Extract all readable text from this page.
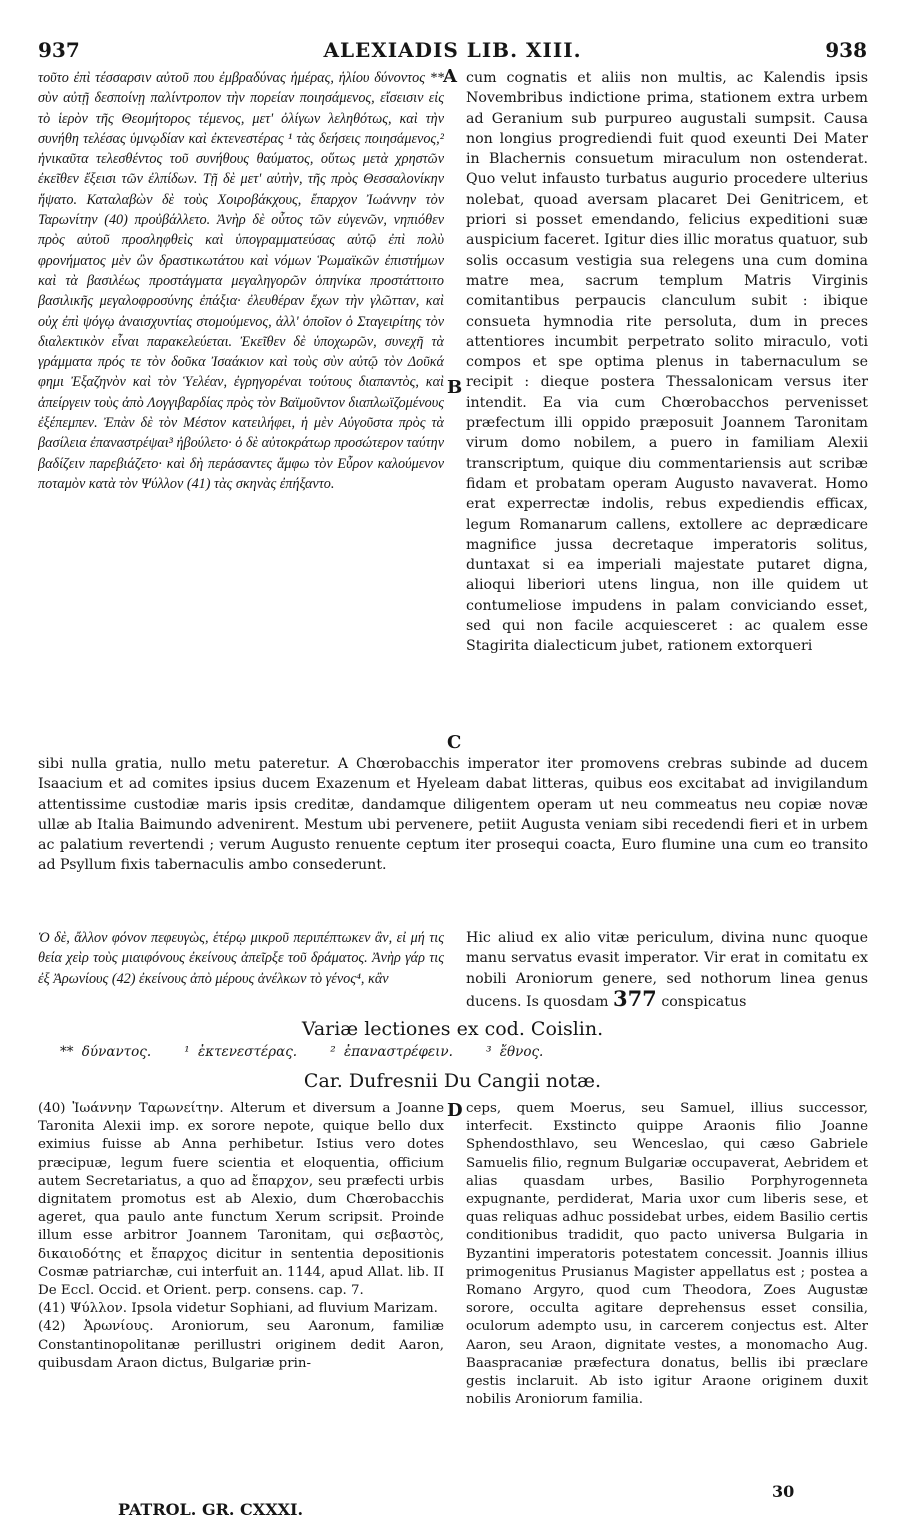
937	ALEXIADIS LIB. XIII.	938

τοῦτο ἐπὶ τέσσαρσιν αὐτοῦ που ἐμβραδύνας ἡμέρας, ἡλίου δύνοντος ** σὺν αὐτῇ δεσποίνῃ παλίντροπον τὴν πορείαν ποιησάμενος, εἴσεισιν εἰς τὸ ἱερὸν τῆς Θεομήτορος τέμενος, μετ' ὀλίγων λεληθότως, καὶ τὴν συνήθη τελέσας ὑμνῳδίαν καὶ ἐκτενεστέρας ¹ τὰς δεήσεις ποιησάμενος,² ἡνικαῦτα τελεσθέντος τοῦ συνήθους θαύματος, οὕτως μετὰ χρηστῶν ἐκεῖθεν ἔξεισι τῶν ἐλπίδων. Τῇ δὲ μετ' αὐτὴν, τῆς πρὸς Θεσσαλονίκην ἥψατο. Καταλαβὼν δὲ τοὺς Χοιροβάκχους, ἔπαρχον Ἰωάννην τὸν Ταρωνίτην (40) προὐβάλλετο. Ἀνὴρ δὲ οὗτος τῶν εὐγενῶν, νηπιόθεν πρὸς αὐτοῦ προσληφθεὶς καὶ ὑπογραμματεύσας αὐτῷ ἐπὶ πολὺ φρονήματος μὲν ὢν δραστικωτάτου καὶ νόμων Ῥωμαϊκῶν ἐπιστήμων καὶ τὰ βασιλέως προστάγματα μεγαληγορῶν ὁπηνίκα προστάττοιτο βασιλικῆς μεγαλοφροσύνης ἐπάξια· ἐλευθέραν ἔχων τὴν γλῶτταν, καὶ οὐχ ἐπὶ ψόγῳ ἀναισχυντίας στομούμενος, ἀλλ' ὁποῖον ὁ Σταγειρίτης τὸν διαλεκτικὸν εἶναι παρακελεύεται. Ἐκεῖθεν δὲ ὑποχωρῶν, συνεχῆ τὰ γράμματα πρός τε τὸν δοῦκα Ἰσαάκιον καὶ τοὺς σὺν αὐτῷ τὸν Δοῦκά φημι Ἐξαζηνὸν καὶ τὸν Ὑελέαν, ἐγρηγορέναι τούτους διαπαντὸς, καὶ ἀπείργειν τοὺς ἀπὸ Λογγιβαρδίας πρὸς τὸν Βαϊμοῦντον διαπλωϊζομένους ἐξέπεμπεν. Ἐπὰν δὲ τὸν Μέστον κατειλήφει, ἡ μὲν Αὐγοῦστα πρὸς τὰ βασίλεια ἐπαναστρέψαι³ ἠβούλετο· ὁ δὲ αὐτοκράτωρ προσώτερον ταύτην βαδίζειν παρεβιάζετο· καὶ δὴ περάσαντες ἅμφω τὸν Εὖρον καλούμενον ποταμὸν κατὰ τὸν Ψύλλον (41) τὰς σκηνὰς ἐπήξαντο.

A
B
C

cum cognatis et aliis non multis, ac Kalendis ipsis Novembribus indictione prima, stationem extra urbem ad Geranium sub purpureo augustali sumpsit. Causa non longius progrediendi fuit quod exeunti Dei Mater in Blachernis consuetum miraculum non ostenderat. Quo velut infausto turbatus augurio procedere ulterius nolebat, quoad aversam placaret Dei Genitricem, et priori si posset emendando, felicius expeditioni suæ auspicium faceret. Igitur dies illic moratus quatuor, sub solis occasum vestigia sua relegens una cum domina matre mea, sacrum templum Matris Virginis comitantibus perpaucis clanculum subit : ibique consueta hymnodia rite persoluta, dum in preces attentiores incumbit perpetrato solito miraculo, voti compos et spe optima plenus in tabernaculum se recipit : dieque postera Thessalonicam versus iter intendit. Ea via cum Chœrobacchos pervenisset præfectum illi oppido præposuit Joannem Taronitam virum domo nobilem, a puero in familiam Alexii transcriptum, quique diu commentariensis aut scribæ fidam et probatam operam Augusto navaverat. Homo erat experrectæ indolis, rebus expediendis efficax, legum Romanarum callens, extollere ac deprædicare magnifice jussa decretaque imperatoris solitus, duntaxat si ea imperiali majestate putaret digna, alioqui liberiori utens lingua, non ille quidem ut contumeliose impudens in palam conviciando esset, sed qui non facile acquiesceret : ac qualem esse Stagirita dialecticum jubet, rationem extorqueri

sibi nulla gratia, nullo metu pateretur. A Chœrobacchis imperator iter promovens crebras subinde ad ducem Isaacium et ad comites ipsius ducem Exazenum et Hyeleam dabat litteras, quibus eos excitabat ad invigilandum attentissime custodiæ maris ipsis creditæ, dandamque diligentem operam ut neu commeatus neu copiæ novæ ullæ ab Italia Baimundo advenirent. Mestum ubi pervenere, petiit Augusta veniam sibi recedendi fieri et in urbem ac palatium revertendi ; verum Augusto renuente ceptum iter prosequi coacta, Euro flumine una cum eo transito ad Psyllum fixis tabernaculis ambo consederunt.

Ὁ δὲ, ἄλλον φόνον πεφευγὼς, ἑτέρῳ μικροῦ περιπέπτωκεν ἂν, εἰ μή τις θεία χεὶρ τοὺς μιαιφόνους ἐκείνους ἀπεῖρξε τοῦ δράματος. Ἀνὴρ γάρ τις ἐξ Ἀρωνίους (42) ἐκείνους ἀπὸ μέρους ἀνέλκων τὸ γένος⁴, κἂν

Hic aliud ex alio vitæ periculum, divina nunc quoque manu servatus evasit imperator. Vir erat in comitatu ex nobili Aroniorum genere, sed nothorum linea genus ducens. Is quosdam 377 conspicatus

Variæ lectiones ex cod. Coislin.
** δύναντος. ¹ ἐκτενεστέρας. ² ἐπαναστρέφειν. ³ ἔθνος.
Car. Dufresnii Du Cangii notæ.
D

(40) Ἰωάννην Ταρωνείτην. Alterum et diversum a Joanne Taronita Alexii imp. ex sorore nepote, quique bello dux eximius fuisse ab Anna perhibetur. Istius vero dotes præcipuæ, legum fuere scientia et eloquentia, officium autem Secretariatus, a quo ad ἔπαρχον, seu præfecti urbis dignitatem promotus est ab Alexio, dum Chœrobacchis ageret, qua paulo ante functum Xerum scripsit. Proinde illum esse arbitror Joannem Taronitam, qui σεβαστὸς, δικαιοδότης et ἔπαρχος dicitur in sententia depositionis Cosmæ patriarchæ, cui interfuit an. 1144, apud Allat. lib. II De Eccl. Occid. et Orient. perp. consens. cap. 7.

(41) Ψύλλον. Ipsola videtur Sophiani, ad fluvium Marizam.

(42) Ἀρωνίους. Aroniorum, seu Aaronum, familiæ Constantinopolitanæ perillustri originem dedit Aaron, quibusdam Araon dictus, Bulgariæ prin-

ceps, quem Moerus, seu Samuel, illius successor, interfecit. Exstincto quippe Araonis filio Joanne Sphendosthlavo, seu Wenceslao, qui cæso Gabriele Samuelis filio, regnum Bulgariæ occupaverat, Aebridem et alias quasdam urbes, Basilio Porphyrogenneta expugnante, perdiderat, Maria uxor cum liberis sese, et quas reliquas adhuc possidebat urbes, eidem Basilio certis conditionibus tradidit, quo pacto universa Bulgaria in Byzantini imperatoris potestatem concessit. Joannis illius primogenitus Prusianus Magister appellatus est ; postea a Romano Argyro, quod cum Theodora, Zoes Augustæ sorore, occulta agitare deprehensus esset consilia, oculorum adempto usu, in carcerem conjectus est. Alter Aaron, seu Araon, dignitate vestes, a monomacho Aug. Baaspracaniæ præfectura donatus, bellis ibi præclare gestis inclaruit. Ab isto igitur Araone originem duxit nobilis Aroniorum familia.

PATROL. GR. CXXXI.
30
